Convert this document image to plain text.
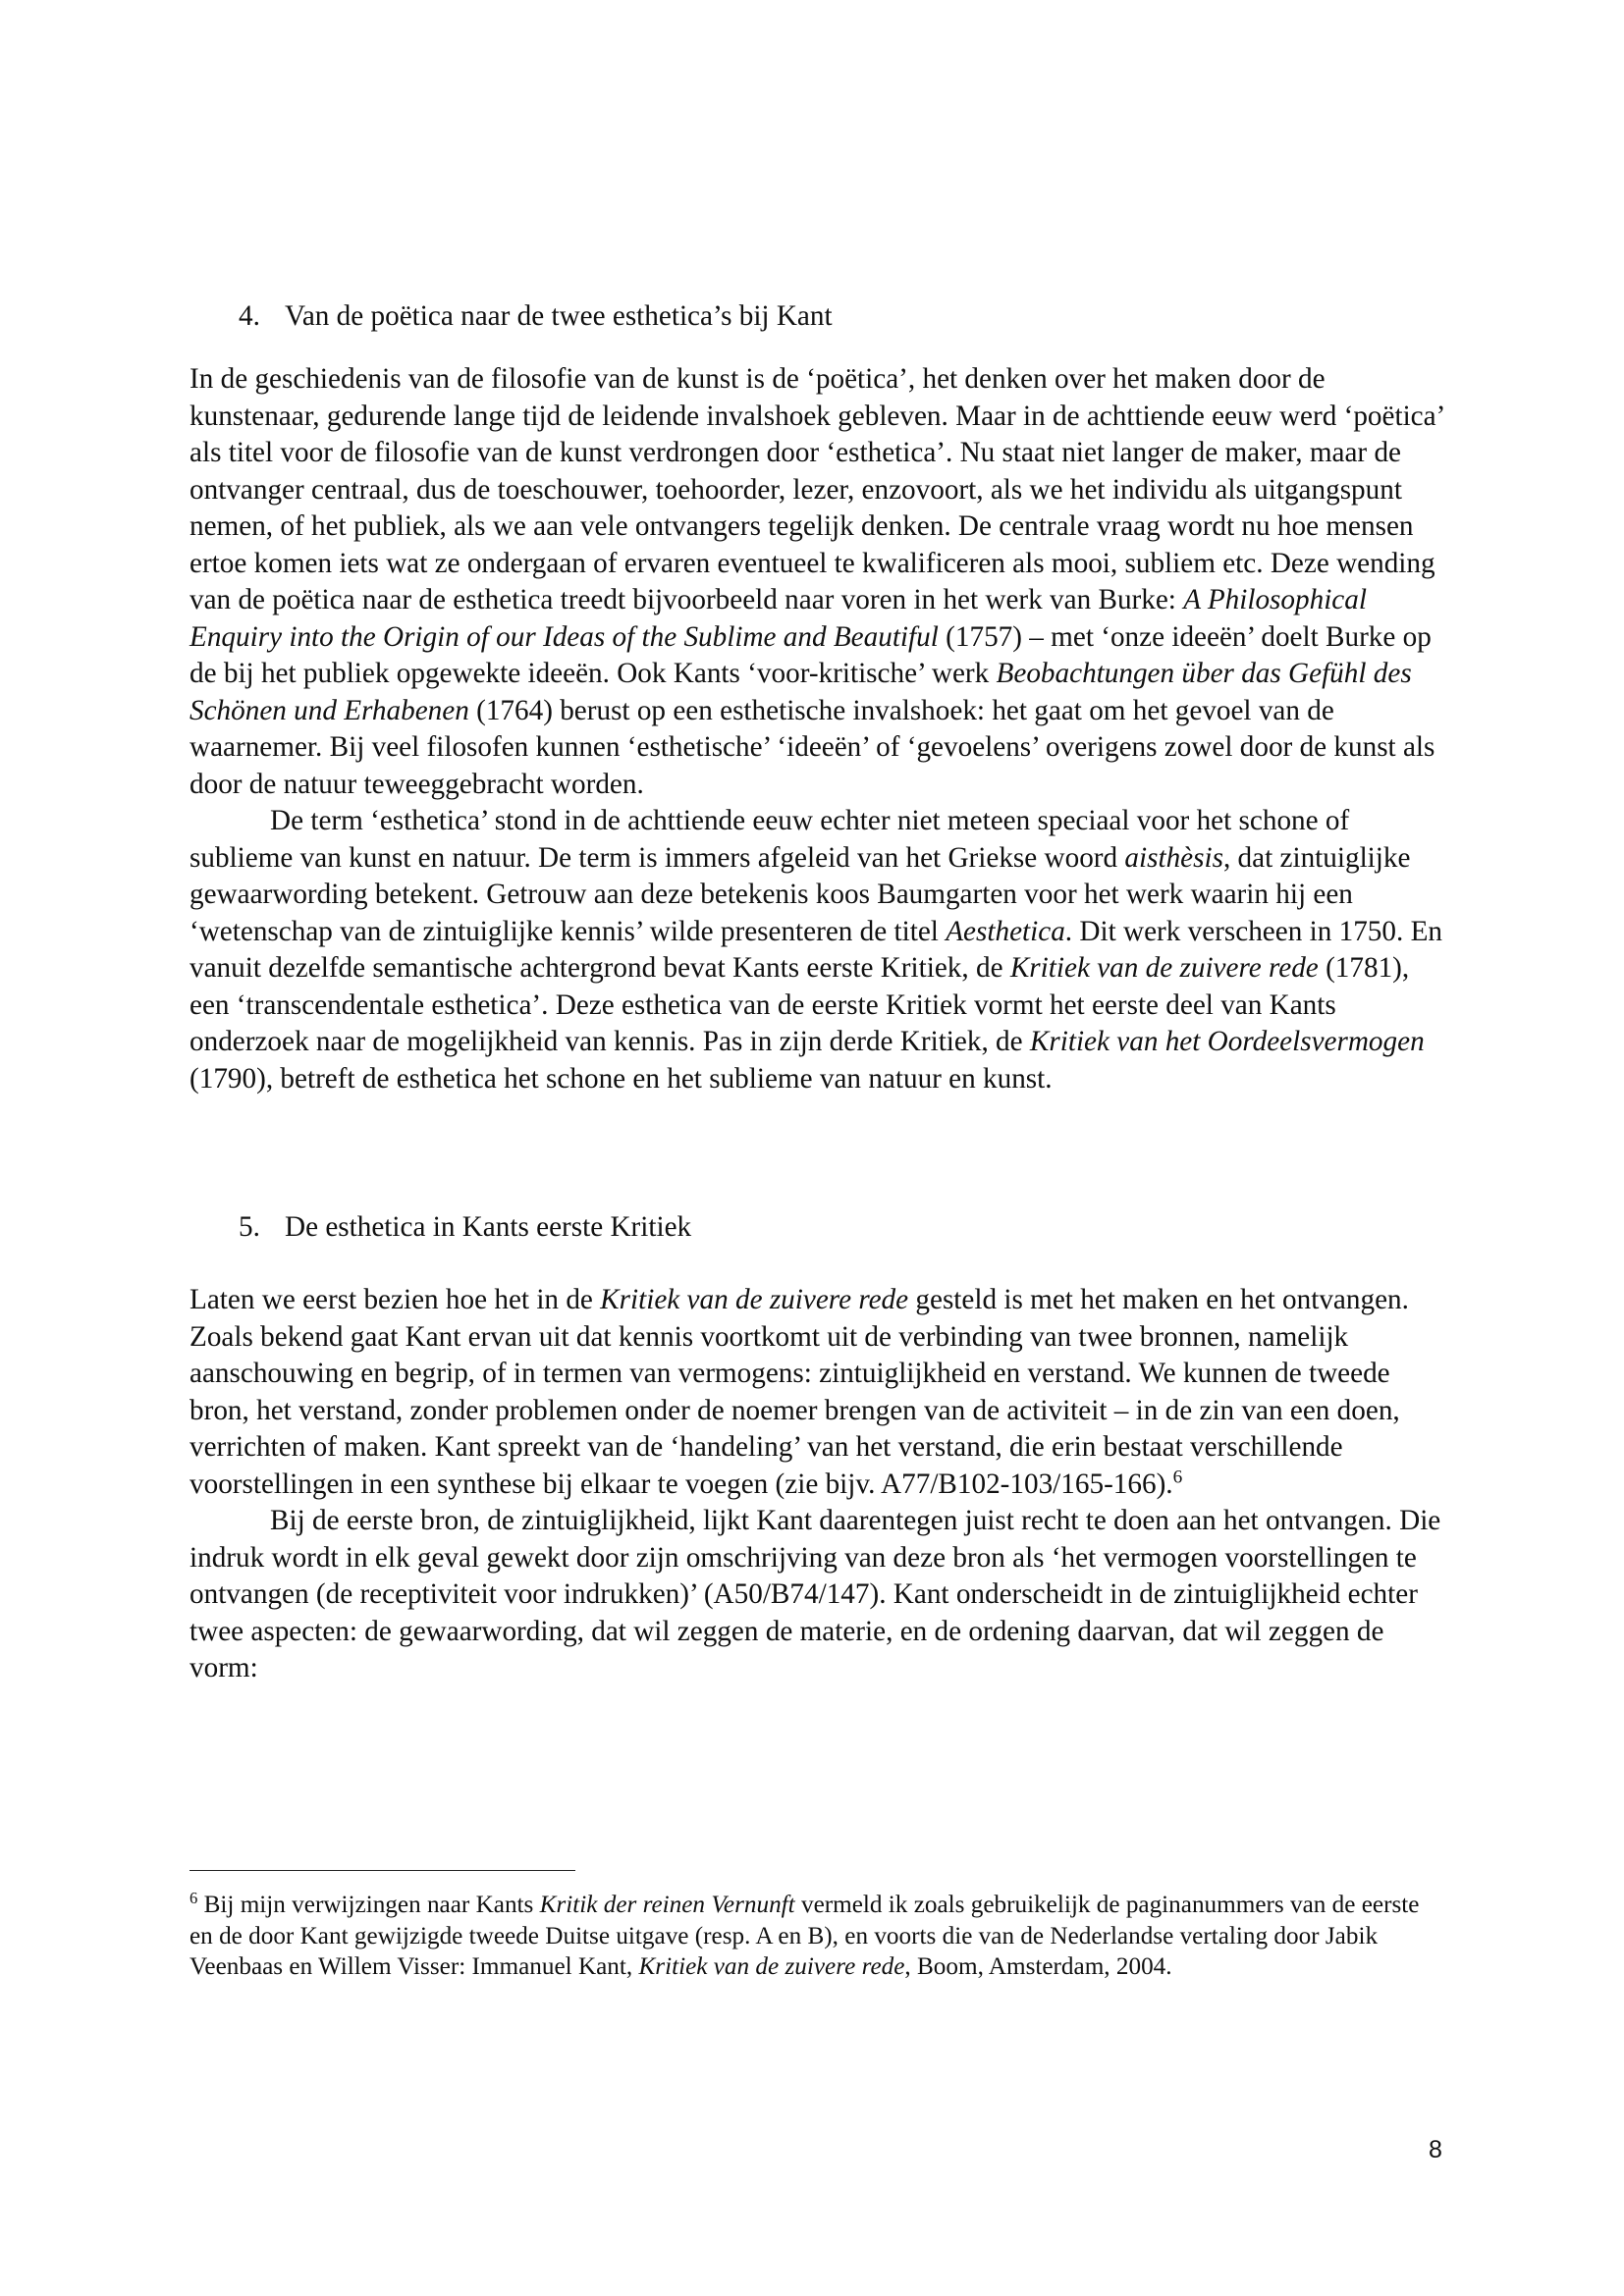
4. Van de poëtica naar de twee esthetica’s bij Kant

In de geschiedenis van de filosofie van de kunst is de ‘poëtica’, het denken over het maken door de kunstenaar, gedurende lange tijd de leidende invalshoek gebleven. Maar in de achttiende eeuw werd ‘poëtica’ als titel voor de filosofie van de kunst verdrongen door ‘esthetica’. Nu staat niet langer de maker, maar de ontvanger centraal, dus de toeschouwer, toehoorder, lezer, enzovoort, als we het individu als uitgangspunt nemen, of het publiek, als we aan vele ontvangers tegelijk denken. De centrale vraag wordt nu hoe mensen ertoe komen iets wat ze ondergaan of ervaren eventueel te kwalificeren als mooi, subliem etc. Deze wending van de poëtica naar de esthetica treedt bijvoorbeeld naar voren in het werk van Burke: A Philosophical Enquiry into the Origin of our Ideas of the Sublime and Beautiful (1757) – met ‘onze ideeën’ doelt Burke op de bij het publiek opgewekte ideeën. Ook Kants ‘voor-kritische’ werk Beobachtungen über das Gefühl des Schönen und Erhabenen (1764) berust op een esthetische invalshoek: het gaat om het gevoel van de waarnemer. Bij veel filosofen kunnen ‘esthetische’ ‘ideeën’ of ‘gevoelens’ overigens zowel door de kunst als door de natuur teweeggebracht worden.

De term ‘esthetica’ stond in de achttiende eeuw echter niet meteen speciaal voor het schone of sublieme van kunst en natuur. De term is immers afgeleid van het Griekse woord aisthèsis, dat zintuiglijke gewaarwording betekent. Getrouw aan deze betekenis koos Baumgarten voor het werk waarin hij een ‘wetenschap van de zintuiglijke kennis’ wilde presenteren de titel Aesthetica. Dit werk verscheen in 1750. En vanuit dezelfde semantische achtergrond bevat Kants eerste Kritiek, de Kritiek van de zuivere rede (1781), een ‘transcendentale esthetica’. Deze esthetica van de eerste Kritiek vormt het eerste deel van Kants onderzoek naar de mogelijkheid van kennis. Pas in zijn derde Kritiek, de Kritiek van het Oordeelsvermogen (1790), betreft de esthetica het schone en het sublieme van natuur en kunst.

5. De esthetica in Kants eerste Kritiek

Laten we eerst bezien hoe het in de Kritiek van de zuivere rede gesteld is met het maken en het ontvangen. Zoals bekend gaat Kant ervan uit dat kennis voortkomt uit de verbinding van twee bronnen, namelijk aanschouwing en begrip, of in termen van vermogens: zintuiglijkheid en verstand. We kunnen de tweede bron, het verstand, zonder problemen onder de noemer brengen van de activiteit – in de zin van een doen, verrichten of maken. Kant spreekt van de ‘handeling’ van het verstand, die erin bestaat verschillende voorstellingen in een synthese bij elkaar te voegen (zie bijv. A77/B102-103/165-166).$^6$

Bij de eerste bron, de zintuiglijkheid, lijkt Kant daarentegen juist recht te doen aan het ontvangen. Die indruk wordt in elk geval gewekt door zijn omschrijving van deze bron als ‘het vermogen voorstellingen te ontvangen (de receptiviteit voor indrukken)’ (A50/B74/147). Kant onderscheidt in de zintuiglijkheid echter twee aspecten: de gewaarwording, dat wil zeggen de materie, en de ordening daarvan, dat wil zeggen de vorm:

$^6$ Bij mijn verwijzingen naar Kants Kritik der reinen Vernunft vermeld ik zoals gebruikelijk de paginanummers van de eerste en de door Kant gewijzigde tweede Duitse uitgave (resp. A en B), en voorts die van de Nederlandse vertaling door Jabik Veenbaas en Willem Visser: Immanuel Kant, Kritiek van de zuivere rede, Boom, Amsterdam, 2004.
8
